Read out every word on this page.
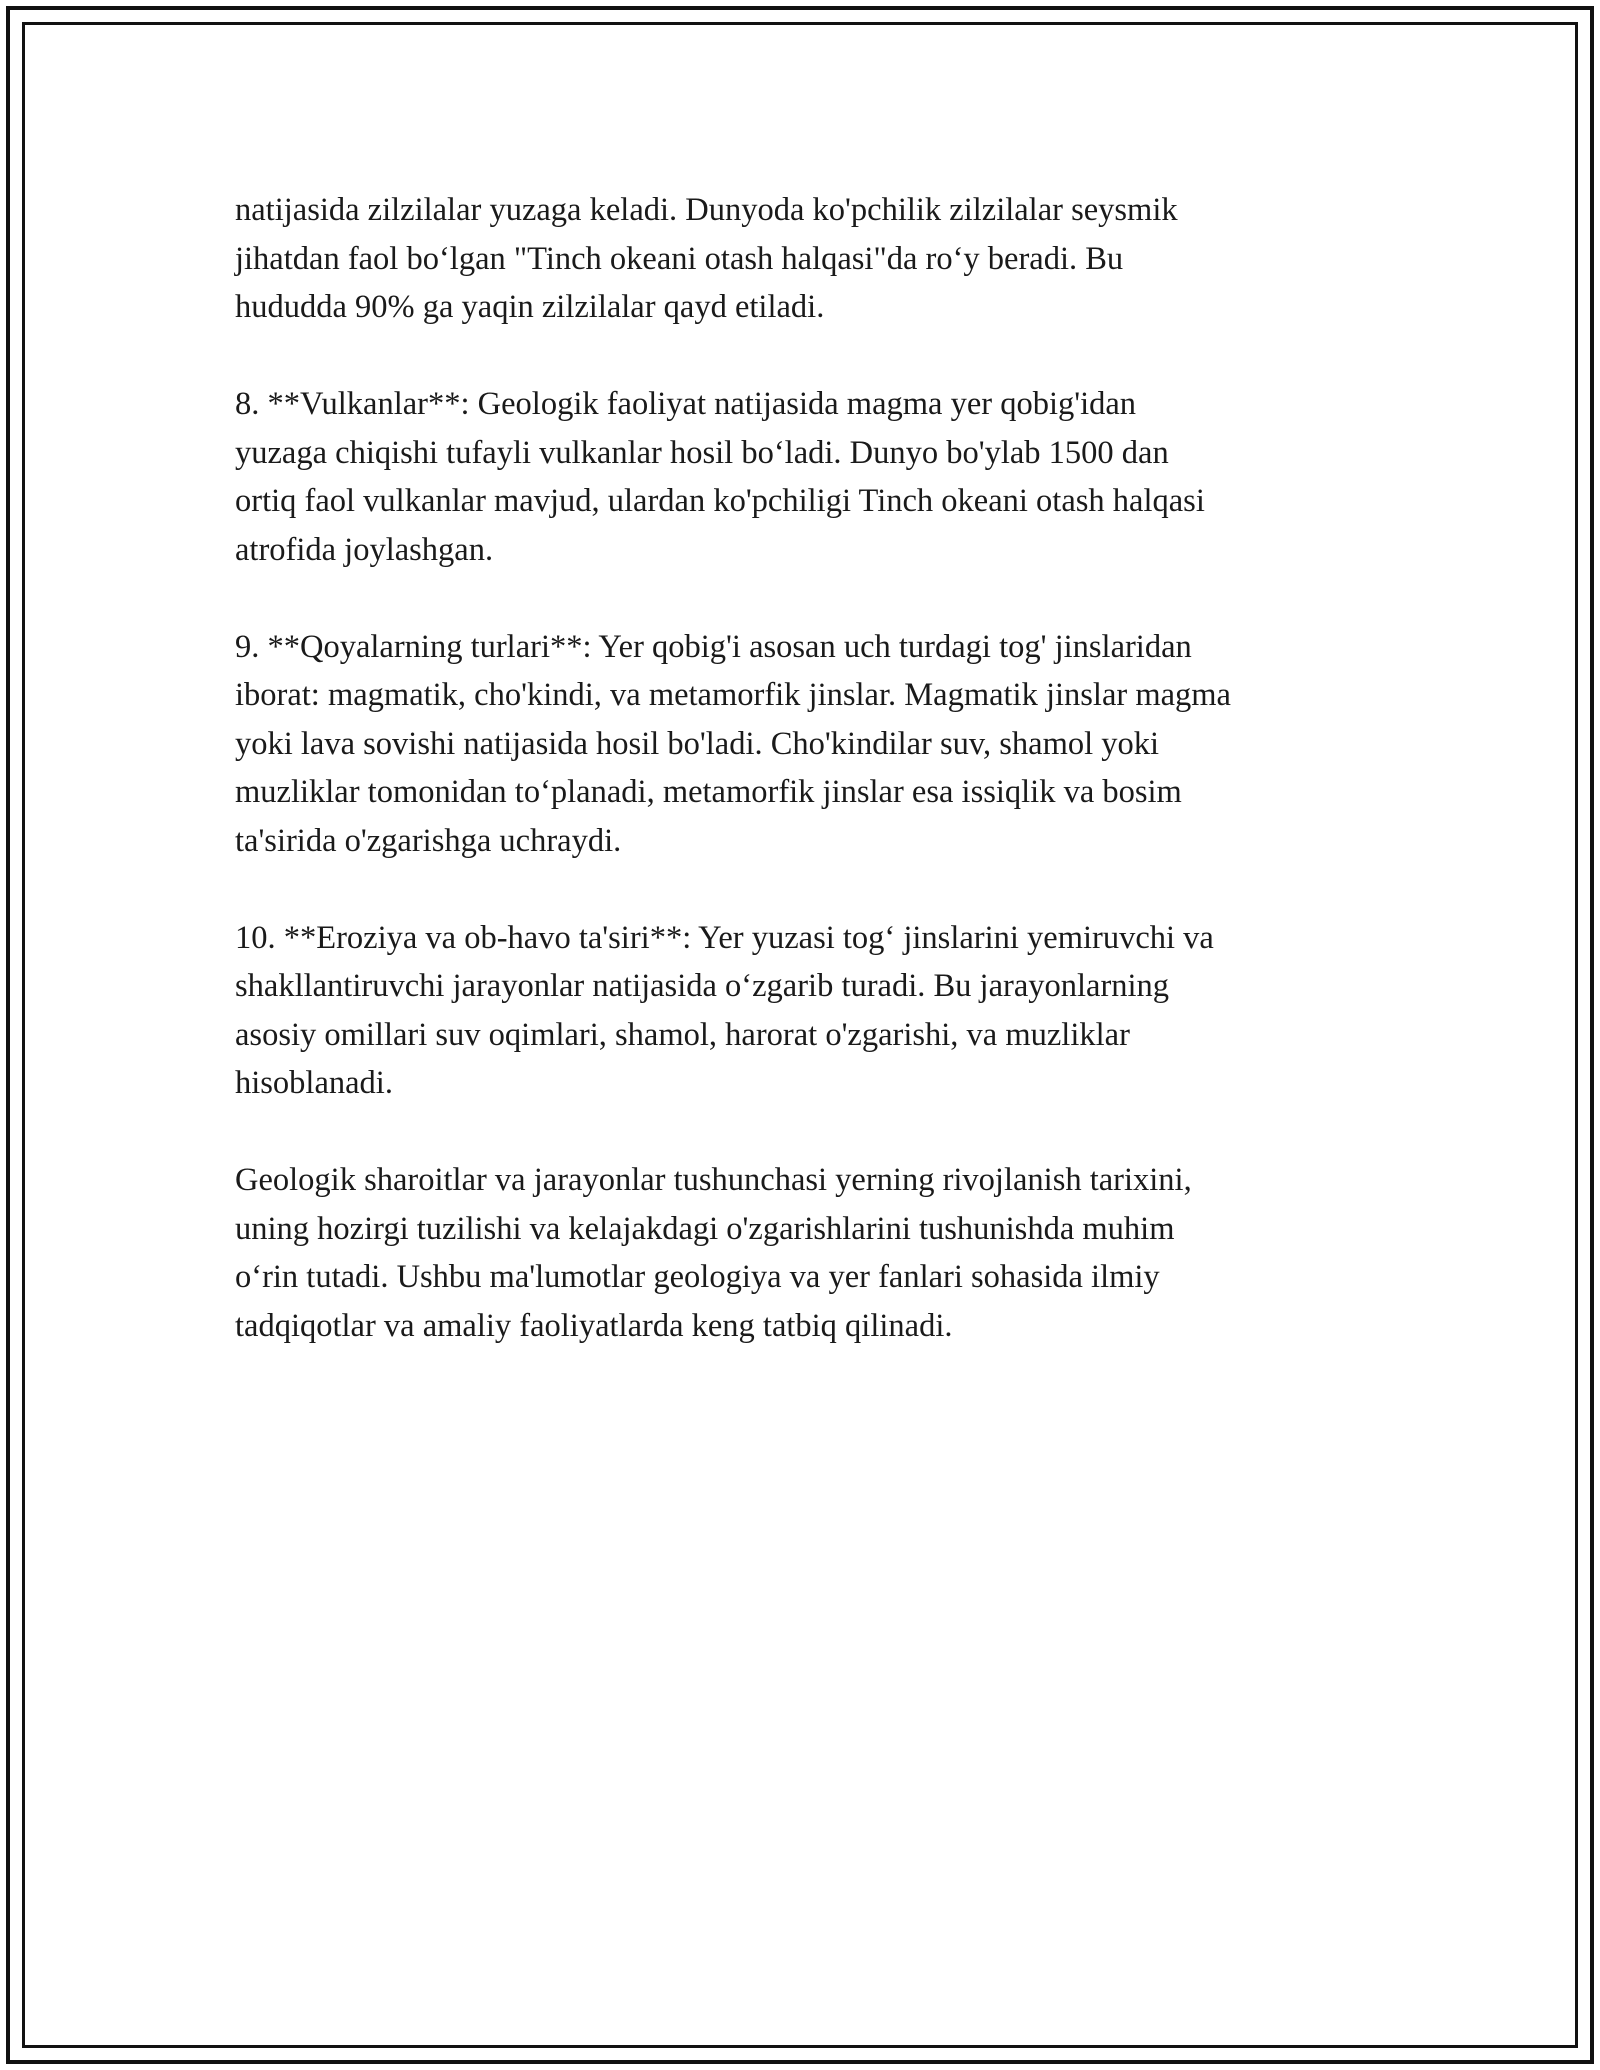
natijasida zilzilalar yuzaga keladi. Dunyoda ko'pchilik zilzilalar seysmik
jihatdan faol bo‘lgan "Tinch okeani otash halqasi"da ro‘y beradi. Bu
hududda 90% ga yaqin zilzilalar qayd etiladi.

8. **Vulkanlar**: Geologik faoliyat natijasida magma yer qobig'idan
yuzaga chiqishi tufayli vulkanlar hosil bo‘ladi. Dunyo bo'ylab 1500 dan
ortiq faol vulkanlar mavjud, ulardan ko'pchiligi Tinch okeani otash halqasi
atrofida joylashgan.

9. **Qoyalarning turlari**: Yer qobig'i asosan uch turdagi tog' jinslaridan
iborat: magmatik, cho'kindi, va metamorfik jinslar. Magmatik jinslar magma
yoki lava sovishi natijasida hosil bo'ladi. Cho'kindilar suv, shamol yoki
muzliklar tomonidan to‘planadi, metamorfik jinslar esa issiqlik va bosim
ta'sirida o'zgarishga uchraydi.

10. **Eroziya va ob-havo ta'siri**: Yer yuzasi tog‘ jinslarini yemiruvchi va
shakllantiruvchi jarayonlar natijasida o‘zgarib turadi. Bu jarayonlarning
asosiy omillari suv oqimlari, shamol, harorat o'zgarishi, va muzliklar
hisoblanadi.

Geologik sharoitlar va jarayonlar tushunchasi yerning rivojlanish tarixini,
uning hozirgi tuzilishi va kelajakdagi o'zgarishlarini tushunishda muhim
o‘rin tutadi. Ushbu ma'lumotlar geologiya va yer fanlari sohasida ilmiy
tadqiqotlar va amaliy faoliyatlarda keng tatbiq qilinadi.
